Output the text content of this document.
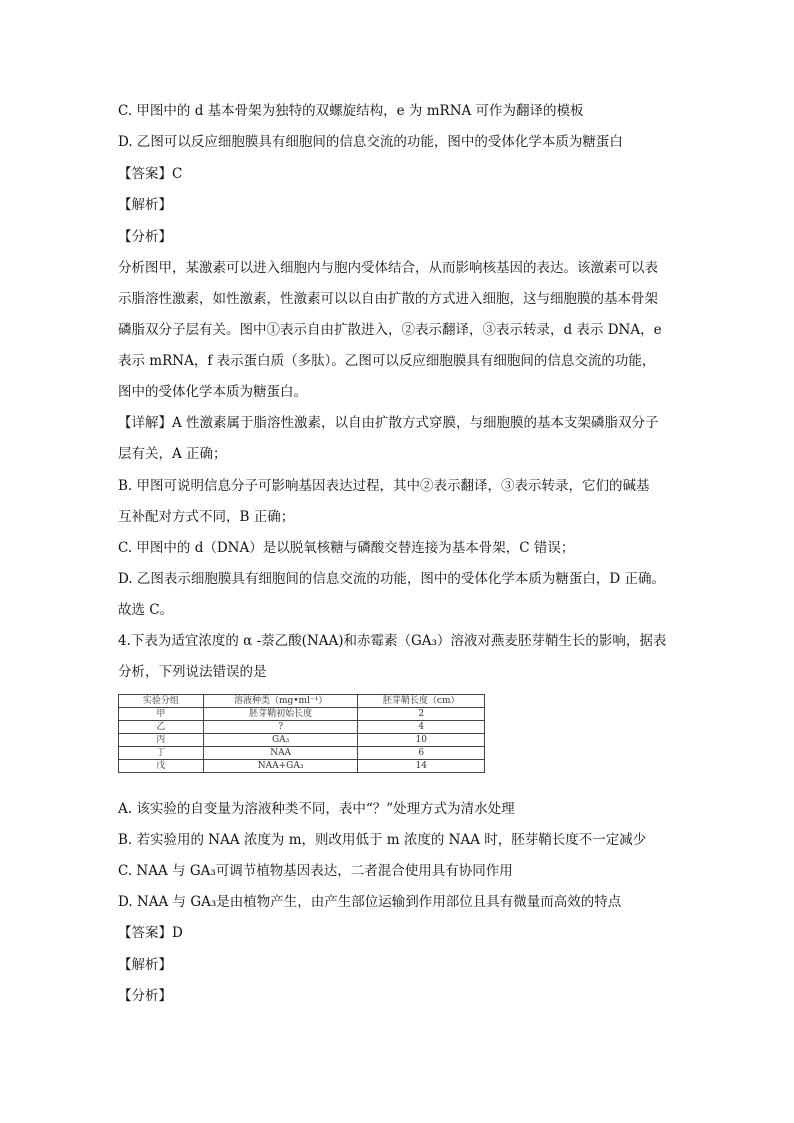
C. 甲图中的 d 基本骨架为独特的双螺旋结构，e 为 mRNA 可作为翻译的模板
D. 乙图可以反应细胞膜具有细胞间的信息交流的功能，图中的受体化学本质为糖蛋白
【答案】C
【解析】
【分析】
分析图甲，某激素可以进入细胞内与胞内受体结合，从而影响核基因的表达。该激素可以表
示脂溶性激素，如性激素，性激素可以以自由扩散的方式进入细胞，这与细胞膜的基本骨架
磷脂双分子层有关。图中①表示自由扩散进入，②表示翻译，③表示转录，d 表示 DNA，e
表示 mRNA，f 表示蛋白质（多肽）。乙图可以反应细胞膜具有细胞间的信息交流的功能，
图中的受体化学本质为糖蛋白。
【详解】A 性激素属于脂溶性激素，以自由扩散方式穿膜，与细胞膜的基本支架磷脂双分子
层有关，A 正确；
B. 甲图可说明信息分子可影响基因表达过程，其中②表示翻译，③表示转录，它们的碱基
互补配对方式不同，B 正确；
C. 甲图中的 d（DNA）是以脱氧核糖与磷酸交替连接为基本骨架，C 错误；
D. 乙图表示细胞膜具有细胞间的信息交流的功能，图中的受体化学本质为糖蛋白，D 正确。
故选 C。
4.下表为适宜浓度的 α -萘乙酸(NAA)和赤霉素（GA₃）溶液对燕麦胚芽鞘生长的影响，据表
分析，下列说法错误的是
实验分组	溶液种类（mg•ml⁻¹）	胚芽鞘长度（cm）
甲	胚芽鞘初始长度	2
乙	?	4
丙	GA₃	10
丁	NAA	6
戊	NAA+GA₃	14
A. 该实验的自变量为溶液种类不同，表中“？”处理方式为清水处理
B. 若实验用的 NAA 浓度为 m，则改用低于 m 浓度的 NAA 时，胚芽鞘长度不一定减少
C. NAA 与 GA₃可调节植物基因表达，二者混合使用具有协同作用
D. NAA 与 GA₃是由植物产生，由产生部位运输到作用部位且具有微量而高效的特点
【答案】D
【解析】
【分析】
